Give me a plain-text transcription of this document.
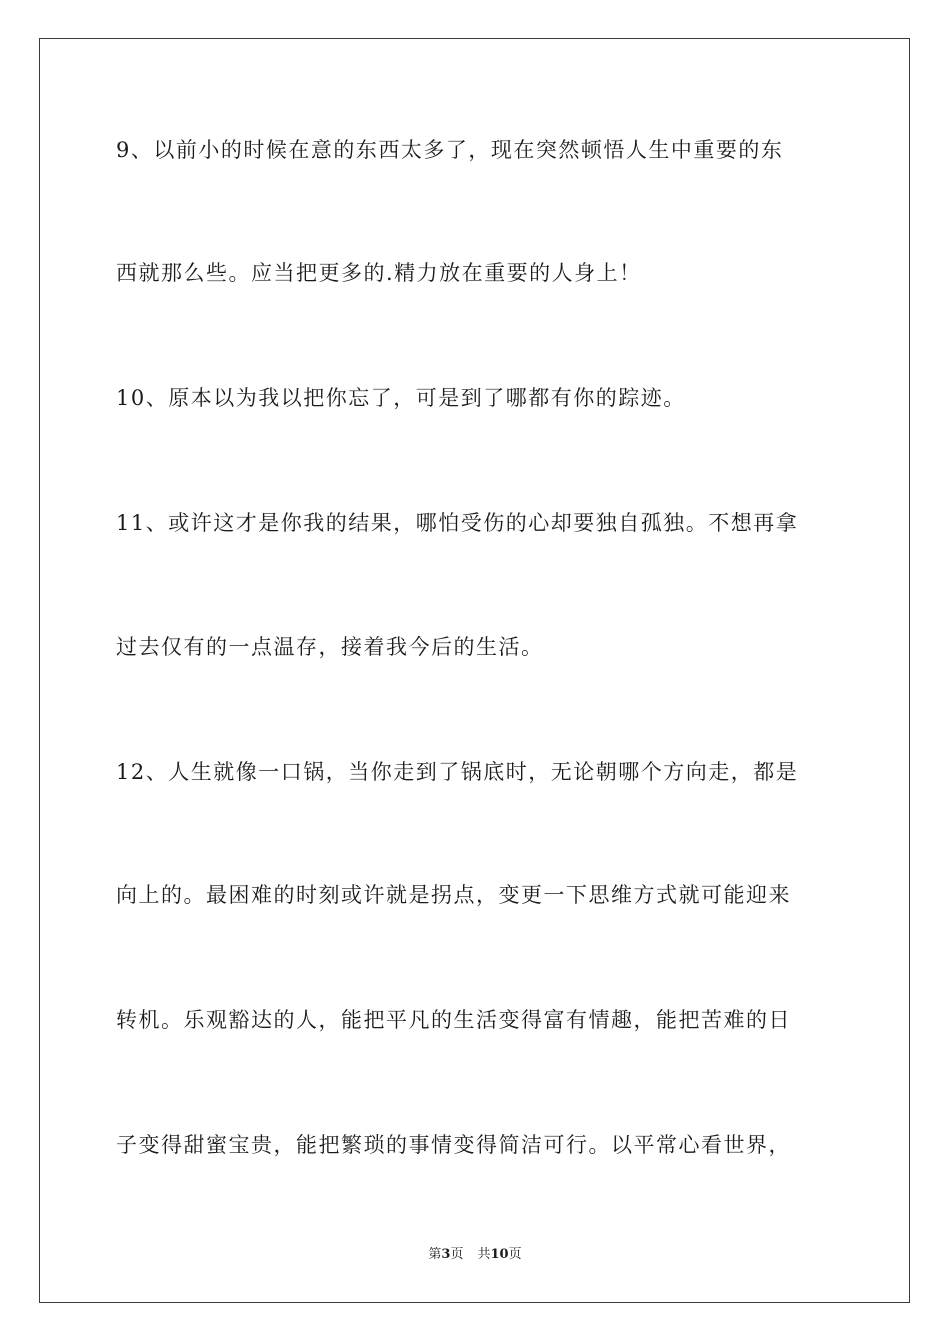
9、以前小的时候在意的东西太多了，现在突然顿悟人生中重要的东
西就那么些。应当把更多的.精力放在重要的人身上！
10、原本以为我以把你忘了，可是到了哪都有你的踪迹。
11、或许这才是你我的结果，哪怕受伤的心却要独自孤独。不想再拿
过去仅有的一点温存，接着我今后的生活。
12、人生就像一口锅，当你走到了锅底时，无论朝哪个方向走，都是
向上的。最困难的时刻或许就是拐点，变更一下思维方式就可能迎来
转机。乐观豁达的人，能把平凡的生活变得富有情趣，能把苦难的日
子变得甜蜜宝贵，能把繁琐的事情变得简洁可行。以平常心看世界，
第3页 共10页
